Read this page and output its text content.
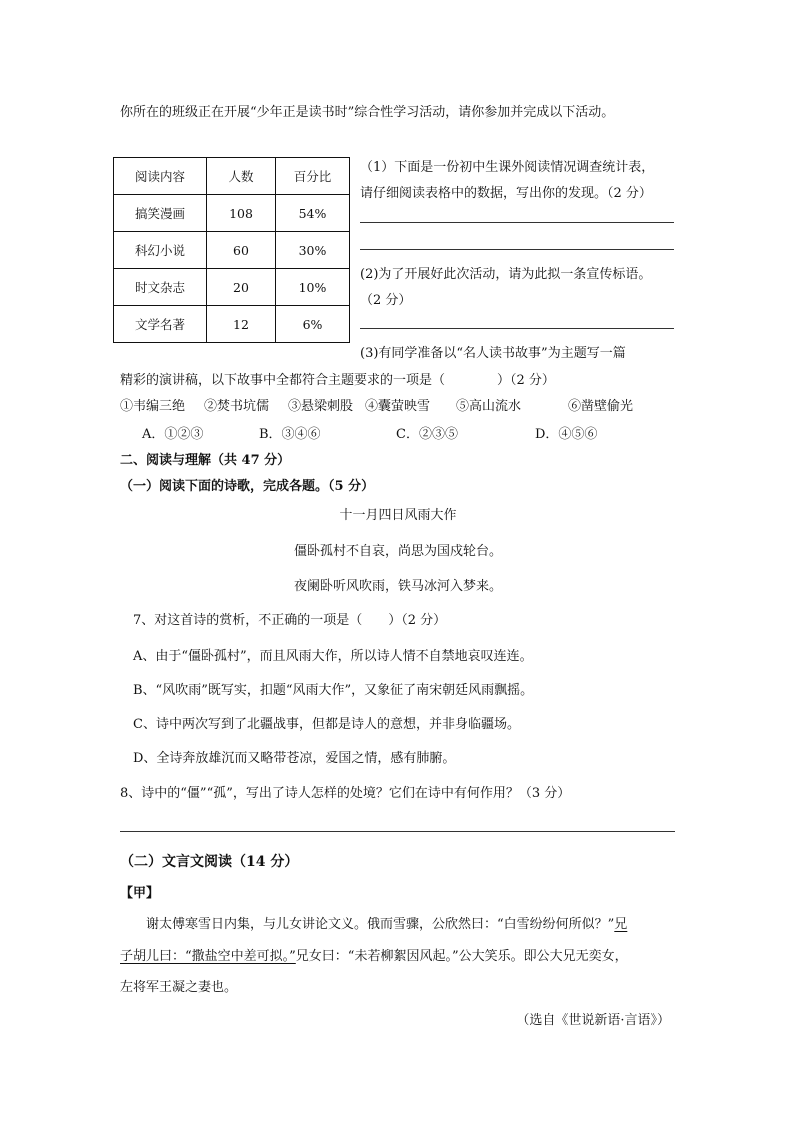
你所在的班级正在开展“少年正是读书时”综合性学习活动，请你参加并完成以下活动。
阅读内容	人数	百分比
搞笑漫画	108	54%
科幻小说	60	30%
时文杂志	20	10%
文学名著	12	6%
（1）下面是一份初中生课外阅读情况调查统计表，
请仔细阅读表格中的数据，写出你的发现。（2 分）
(2)为了开展好此次活动，请为此拟一条宣传标语。
（2 分）
(3)有同学准备以“名人读书故事”为主题写一篇
精彩的演讲稿，以下故事中全都符合主题要求的一项是（　　　　）（2 分）
①韦编三绝 ②焚书坑儒 ③悬梁刺股 ④囊萤映雪 ⑤高山流水	⑥凿壁偷光
A．①②③	B．③④⑥	C．②③⑤	D．④⑤⑥
二、阅读与理解（共 47 分）
（一）阅读下面的诗歌，完成各题。（5 分）
十一月四日风雨大作
僵卧孤村不自哀，尚思为国戍轮台。
夜阑卧听风吹雨，铁马冰河入梦来。
7、对这首诗的赏析，不正确的一项是（　　）（2 分）
A、由于“僵卧孤村”，而且风雨大作，所以诗人情不自禁地哀叹连连。
B、“风吹雨”既写实，扣题“风雨大作”，又象征了南宋朝廷风雨飘摇。
C、诗中两次写到了北疆战事，但都是诗人的意想，并非身临疆场。
D、全诗奔放雄沉而又略带苍凉，爱国之情，感有肺腑。
8、诗中的“僵”“孤”，写出了诗人怎样的处境？它们在诗中有何作用？（3 分）
（二）文言文阅读（14 分）
【甲】
谢太傅寒雪日内集，与儿女讲论文义。俄而雪骤，公欣然曰：“白雪纷纷何所似？”兄
子胡儿曰：“撒盐空中差可拟。”兄女曰：“未若柳絮因风起。”公大笑乐。即公大兄无奕女，
左将军王凝之妻也。
（选自《世说新语·言语》）
